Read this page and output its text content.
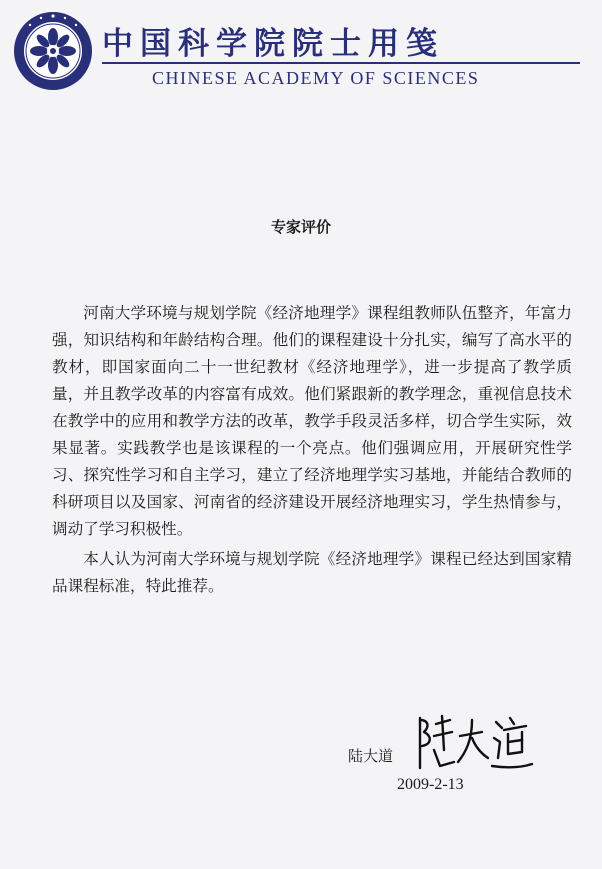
中国科学院院士用笺
CHINESE ACADEMY OF SCIENCES
专家评价

河南大学环境与规划学院《经济地理学》课程组教师队伍整齐，年富力强，知识结构和年龄结构合理。他们的课程建设十分扎实，编写了高水平的教材，即国家面向二十一世纪教材《经济地理学》，进一步提高了教学质量，并且教学改革的内容富有成效。他们紧跟新的教学理念，重视信息技术在教学中的应用和教学方法的改革，教学手段灵活多样，切合学生实际，效果显著。实践教学也是该课程的一个亮点。他们强调应用，开展研究性学习、探究性学习和自主学习，建立了经济地理学实习基地，并能结合教师的科研项目以及国家、河南省的经济建设开展经济地理实习，学生热情参与，调动了学习积极性。

本人认为河南大学环境与规划学院《经济地理学》课程已经达到国家精品课程标准，特此推荐。

陆大道
2009-2-13
